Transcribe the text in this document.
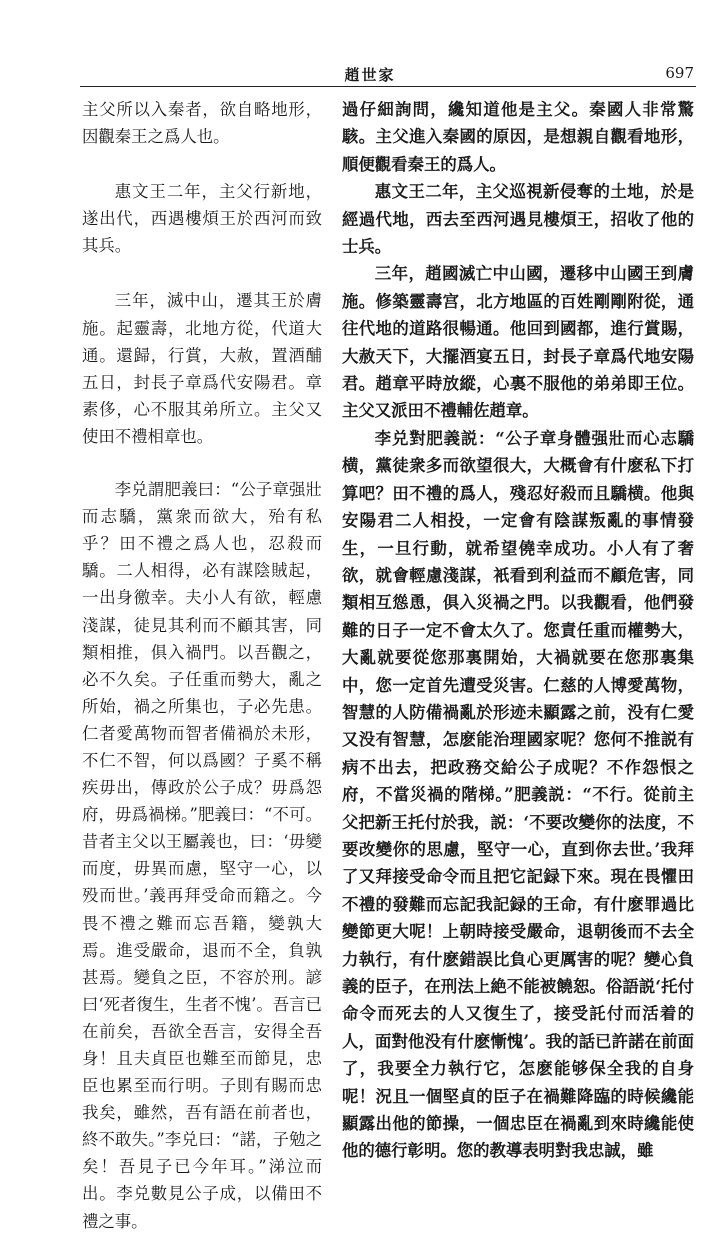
趙世家	697

主父所以入秦者，欲自略地形，因觀秦王之爲人也。

惠文王二年，主父行新地，遂出代，西遇樓煩王於西河而致其兵。

三年，滅中山，遷其王於膚施。起靈壽，北地方從，代道大通。還歸，行賞，大赦，置酒酺五日，封長子章爲代安陽君。章素侈，心不服其弟所立。主父又使田不禮相章也。

李兑謂肥義曰：“公子章强壯而志驕，黨衆而欲大，殆有私乎？田不禮之爲人也，忍殺而驕。二人相得，必有謀陰賊起，一出身徼幸。夫小人有欲，輕慮淺謀，徒見其利而不顧其害，同類相推，俱入禍門。以吾觀之，必不久矣。子任重而勢大，亂之所始，禍之所集也，子必先患。仁者愛萬物而智者備禍於未形，不仁不智，何以爲國？子奚不稱疾毋出，傳政於公子成？毋爲怨府，毋爲禍梯。”肥義曰：“不可。昔者主父以王屬義也，曰：‘毋變而度，毋異而慮，堅守一心，以殁而世。’義再拜受命而籍之。今畏不禮之難而忘吾籍，變孰大焉。進受嚴命，退而不全，負孰甚焉。變負之臣，不容於刑。諺曰‘死者復生，生者不愧’。吾言已在前矣，吾欲全吾言，安得全吾身！且夫貞臣也難至而節見，忠臣也累至而行明。子則有賜而忠我矣，雖然，吾有語在前者也，終不敢失。”李兑曰：“諾，子勉之矣！吾見子已今年耳。”涕泣而出。李兑數見公子成，以備田不禮之事。

過仔細詢問，纔知道他是主父。秦國人非常驚駭。主父進入秦國的原因，是想親自觀看地形，順便觀看秦王的爲人。

惠文王二年，主父巡視新侵奪的土地，於是經過代地，西去至西河遇見樓煩王，招收了他的士兵。

三年，趙國滅亡中山國，遷移中山國王到膚施。修築靈壽宫，北方地區的百姓剛剛附從，通往代地的道路很暢通。他回到國都，進行賞賜，大赦天下，大擺酒宴五日，封長子章爲代地安陽君。趙章平時放縱，心裏不服他的弟弟即王位。主父又派田不禮輔佐趙章。

李兑對肥義説：“公子章身體强壯而心志驕横，黨徒衆多而欲望很大，大概會有什麽私下打算吧？田不禮的爲人，殘忍好殺而且驕横。他與安陽君二人相投，一定會有陰謀叛亂的事情發生，一旦行動，就希望僥幸成功。小人有了奢欲，就會輕慮淺謀，衹看到利益而不顧危害，同類相互慫恿，俱入災禍之門。以我觀看，他們發難的日子一定不會太久了。您責任重而權勢大，大亂就要從您那裏開始，大禍就要在您那裏集中，您一定首先遭受災害。仁慈的人博愛萬物，智慧的人防備禍亂於形迹未顯露之前，没有仁愛又没有智慧，怎麽能治理國家呢？您何不推説有病不出去，把政務交給公子成呢？不作怨恨之府，不當災禍的階梯。”肥義説：“不行。從前主父把新王托付於我，説：‘不要改變你的法度，不要改變你的思慮，堅守一心，直到你去世。’我拜了又拜接受命令而且把它記録下來。現在畏懼田不禮的發難而忘記我記録的王命，有什麽罪過比變節更大呢！上朝時接受嚴命，退朝後而不去全力執行，有什麽錯誤比負心更厲害的呢？變心負義的臣子，在刑法上絶不能被饒恕。俗語説‘托付命令而死去的人又復生了，接受託付而活着的人，面對他没有什麽慚愧’。我的話已許諾在前面了，我要全力執行它，怎麽能够保全我的自身呢！況且一個堅貞的臣子在禍難降臨的時候纔能顯露出他的節操，一個忠臣在禍亂到來時纔能使他的德行彰明。您的教導表明對我忠誠，雖
